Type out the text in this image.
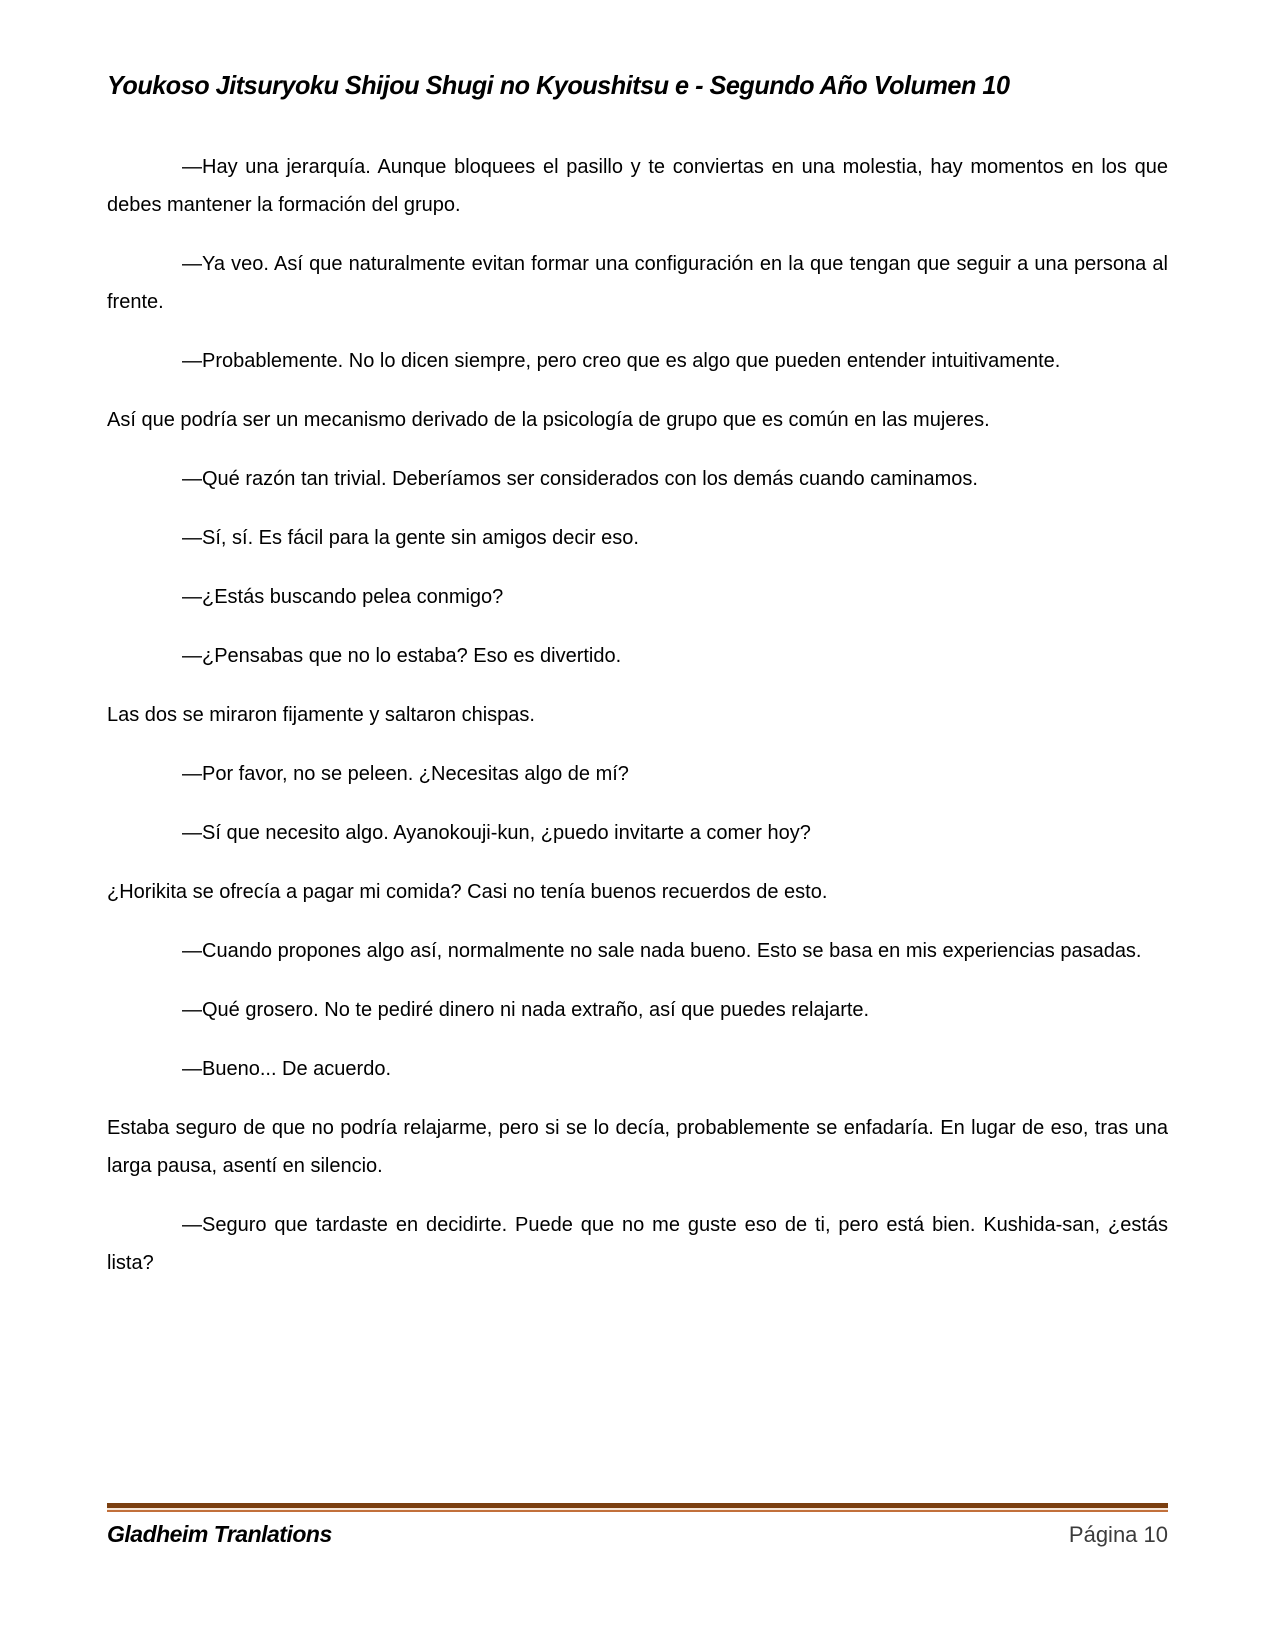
Youkoso Jitsuryoku Shijou Shugi no Kyoushitsu e - Segundo Año Volumen 10

—Hay una jerarquía. Aunque bloquees el pasillo y te conviertas en una molestia, hay momentos en los que debes mantener la formación del grupo.

—Ya veo. Así que naturalmente evitan formar una configuración en la que tengan que seguir a una persona al frente.

—Probablemente. No lo dicen siempre, pero creo que es algo que pueden entender intuitivamente.

Así que podría ser un mecanismo derivado de la psicología de grupo que es común en las mujeres.

—Qué razón tan trivial. Deberíamos ser considerados con los demás cuando caminamos.

—Sí, sí. Es fácil para la gente sin amigos decir eso.

—¿Estás buscando pelea conmigo?

—¿Pensabas que no lo estaba? Eso es divertido.

Las dos se miraron fijamente y saltaron chispas.

—Por favor, no se peleen. ¿Necesitas algo de mí?

—Sí que necesito algo. Ayanokouji-kun, ¿puedo invitarte a comer hoy?

¿Horikita se ofrecía a pagar mi comida? Casi no tenía buenos recuerdos de esto.

—Cuando propones algo así, normalmente no sale nada bueno. Esto se basa en mis experiencias pasadas.

—Qué grosero. No te pediré dinero ni nada extraño, así que puedes relajarte.

—Bueno... De acuerdo.

Estaba seguro de que no podría relajarme, pero si se lo decía, probablemente se enfadaría. En lugar de eso, tras una larga pausa, asentí en silencio.

—Seguro que tardaste en decidirte. Puede que no me guste eso de ti, pero está bien. Kushida-san, ¿estás lista?

Gladheim Tranlations	Página 10
